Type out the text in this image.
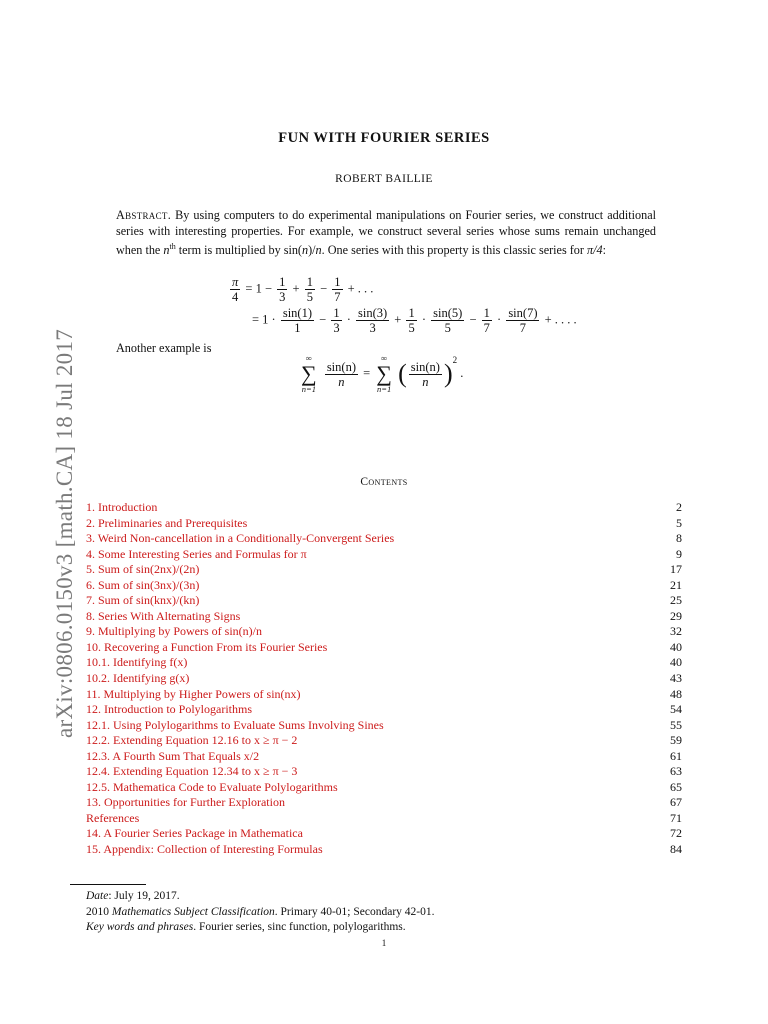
arXiv:0806.0150v3 [math.CA] 18 Jul 2017
FUN WITH FOURIER SERIES
ROBERT BAILLIE
Abstract. By using computers to do experimental manipulations on Fourier series, we construct additional series with interesting properties. For example, we construct several series whose sums remain unchanged when the $n^{th}$ term is multiplied by sin(n)/n. One series with this property is this classic series for π/4:
$\frac{\pi}{4} = 1 - \frac{1}{3} + \frac{1}{5} - \frac{1}{7}$ + . . .
= $1 \cdot \frac{\sin(1)}{1} - \frac{1}{3} \cdot \frac{\sin(3)}{3} + \frac{1}{5} \cdot \frac{\sin(5)}{5} - \frac{1}{7} \cdot \frac{\sin(7)}{7}$ + . . . .
Another example is
∞
∑
n=1

$\frac{\sin(n)}{n}$ =
∞
∑
n=1
( $\frac{\sin(n)}{n} )^2$ .
Contents
1. Introduction	2
2. Preliminaries and Prerequisites	5
3. Weird Non-cancellation in a Conditionally-Convergent Series	8
4. Some Interesting Series and Formulas for π	9
5. Sum of sin(2nx)/(2n)	17
6. Sum of sin(3nx)/(3n)	21
7. Sum of sin(knx)/(kn)	25
8. Series With Alternating Signs	29
9. Multiplying by Powers of sin(n)/n	32
10. Recovering a Function From its Fourier Series	40
10.1. Identifying f(x)	40
10.2. Identifying g(x)	43
11. Multiplying by Higher Powers of sin(nx)	48
12. Introduction to Polylogarithms	54
12.1. Using Polylogarithms to Evaluate Sums Involving Sines	55
12.2. Extending Equation 12.16 to x ≥ π − 2	59
12.3. A Fourth Sum That Equals x/2	61
12.4. Extending Equation 12.34 to x ≥ π − 3	63
12.5. Mathematica Code to Evaluate Polylogarithms	65
13. Opportunities for Further Exploration	67
References	71
14. A Fourier Series Package in Mathematica	72
15. Appendix: Collection of Interesting Formulas	84
Date: July 19, 2017.
2010 Mathematics Subject Classification. Primary 40-01; Secondary 42-01.
Key words and phrases. Fourier series, sinc function, polylogarithms.
1
